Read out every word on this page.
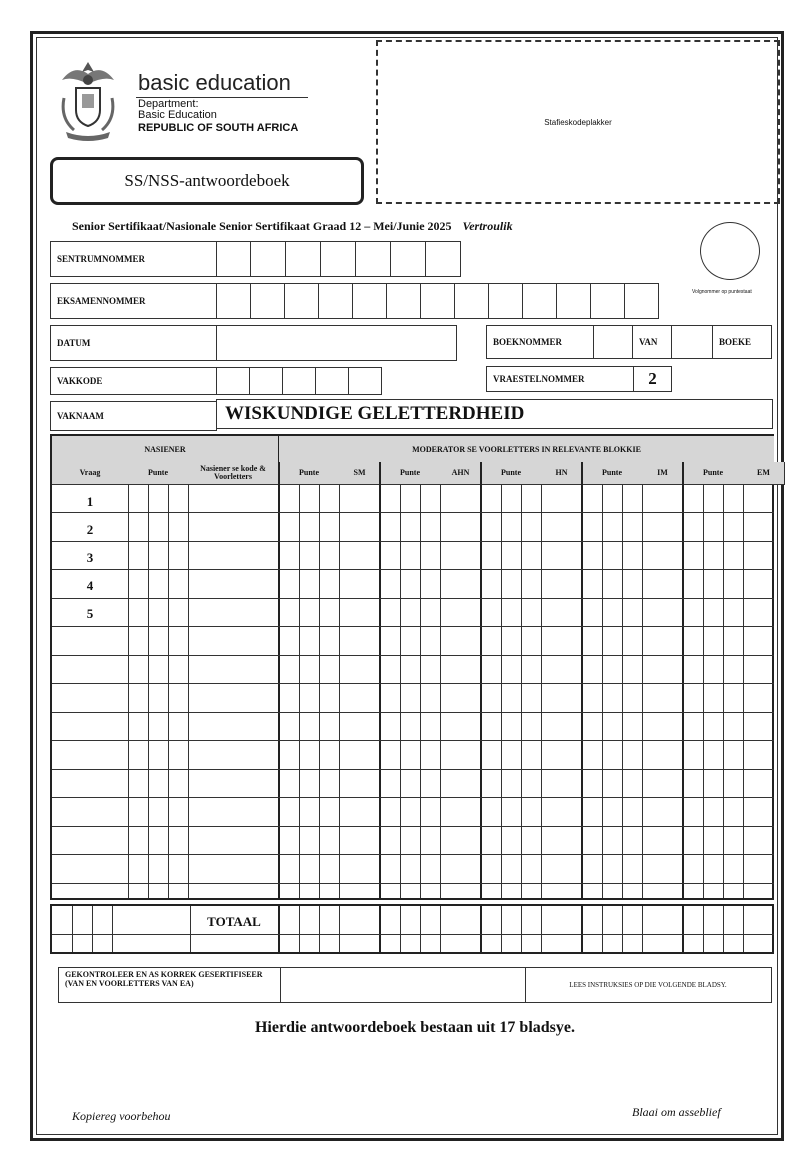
basic education
Department:
Basic Education
REPUBLIC OF SOUTH AFRICA
SS/NSS-antwoordeboek
Stafieskodeplakker
Senior Sertifikaat/Nasionale Senior Sertifikaat Graad 12 – Mei/Junie 2025 Vertroulik
SENTRUMNOMMER
Volgnommer op puntestaat
EKSAMENNOMMER
DATUM	BOEKNOMMER	VAN	BOEKE
VAKKODE	VRAESTELNOMMER	2
VAKNAAM	WISKUNDIGE GELETTERDHEID
NASIENER	MODERATOR SE VOORLETTERS IN RELEVANTE BLOKKIE
Vraag	Punte	Nasiener se kode & Voorletters	Punte	SM	Punte	AHN	Punte	HN	Punte	IM	Punte	EM
1
2
3
4
5
TOTAAL
GEKONTROLEER EN AS KORREK GESERTIFISEER (VAN EN VOORLETTERS VAN EA)	LEES INSTRUKSIES OP DIE VOLGENDE BLADSY.
Hierdie antwoordeboek bestaan uit 17 bladsye.
Kopiereg voorbehou	Blaai om asseblief
